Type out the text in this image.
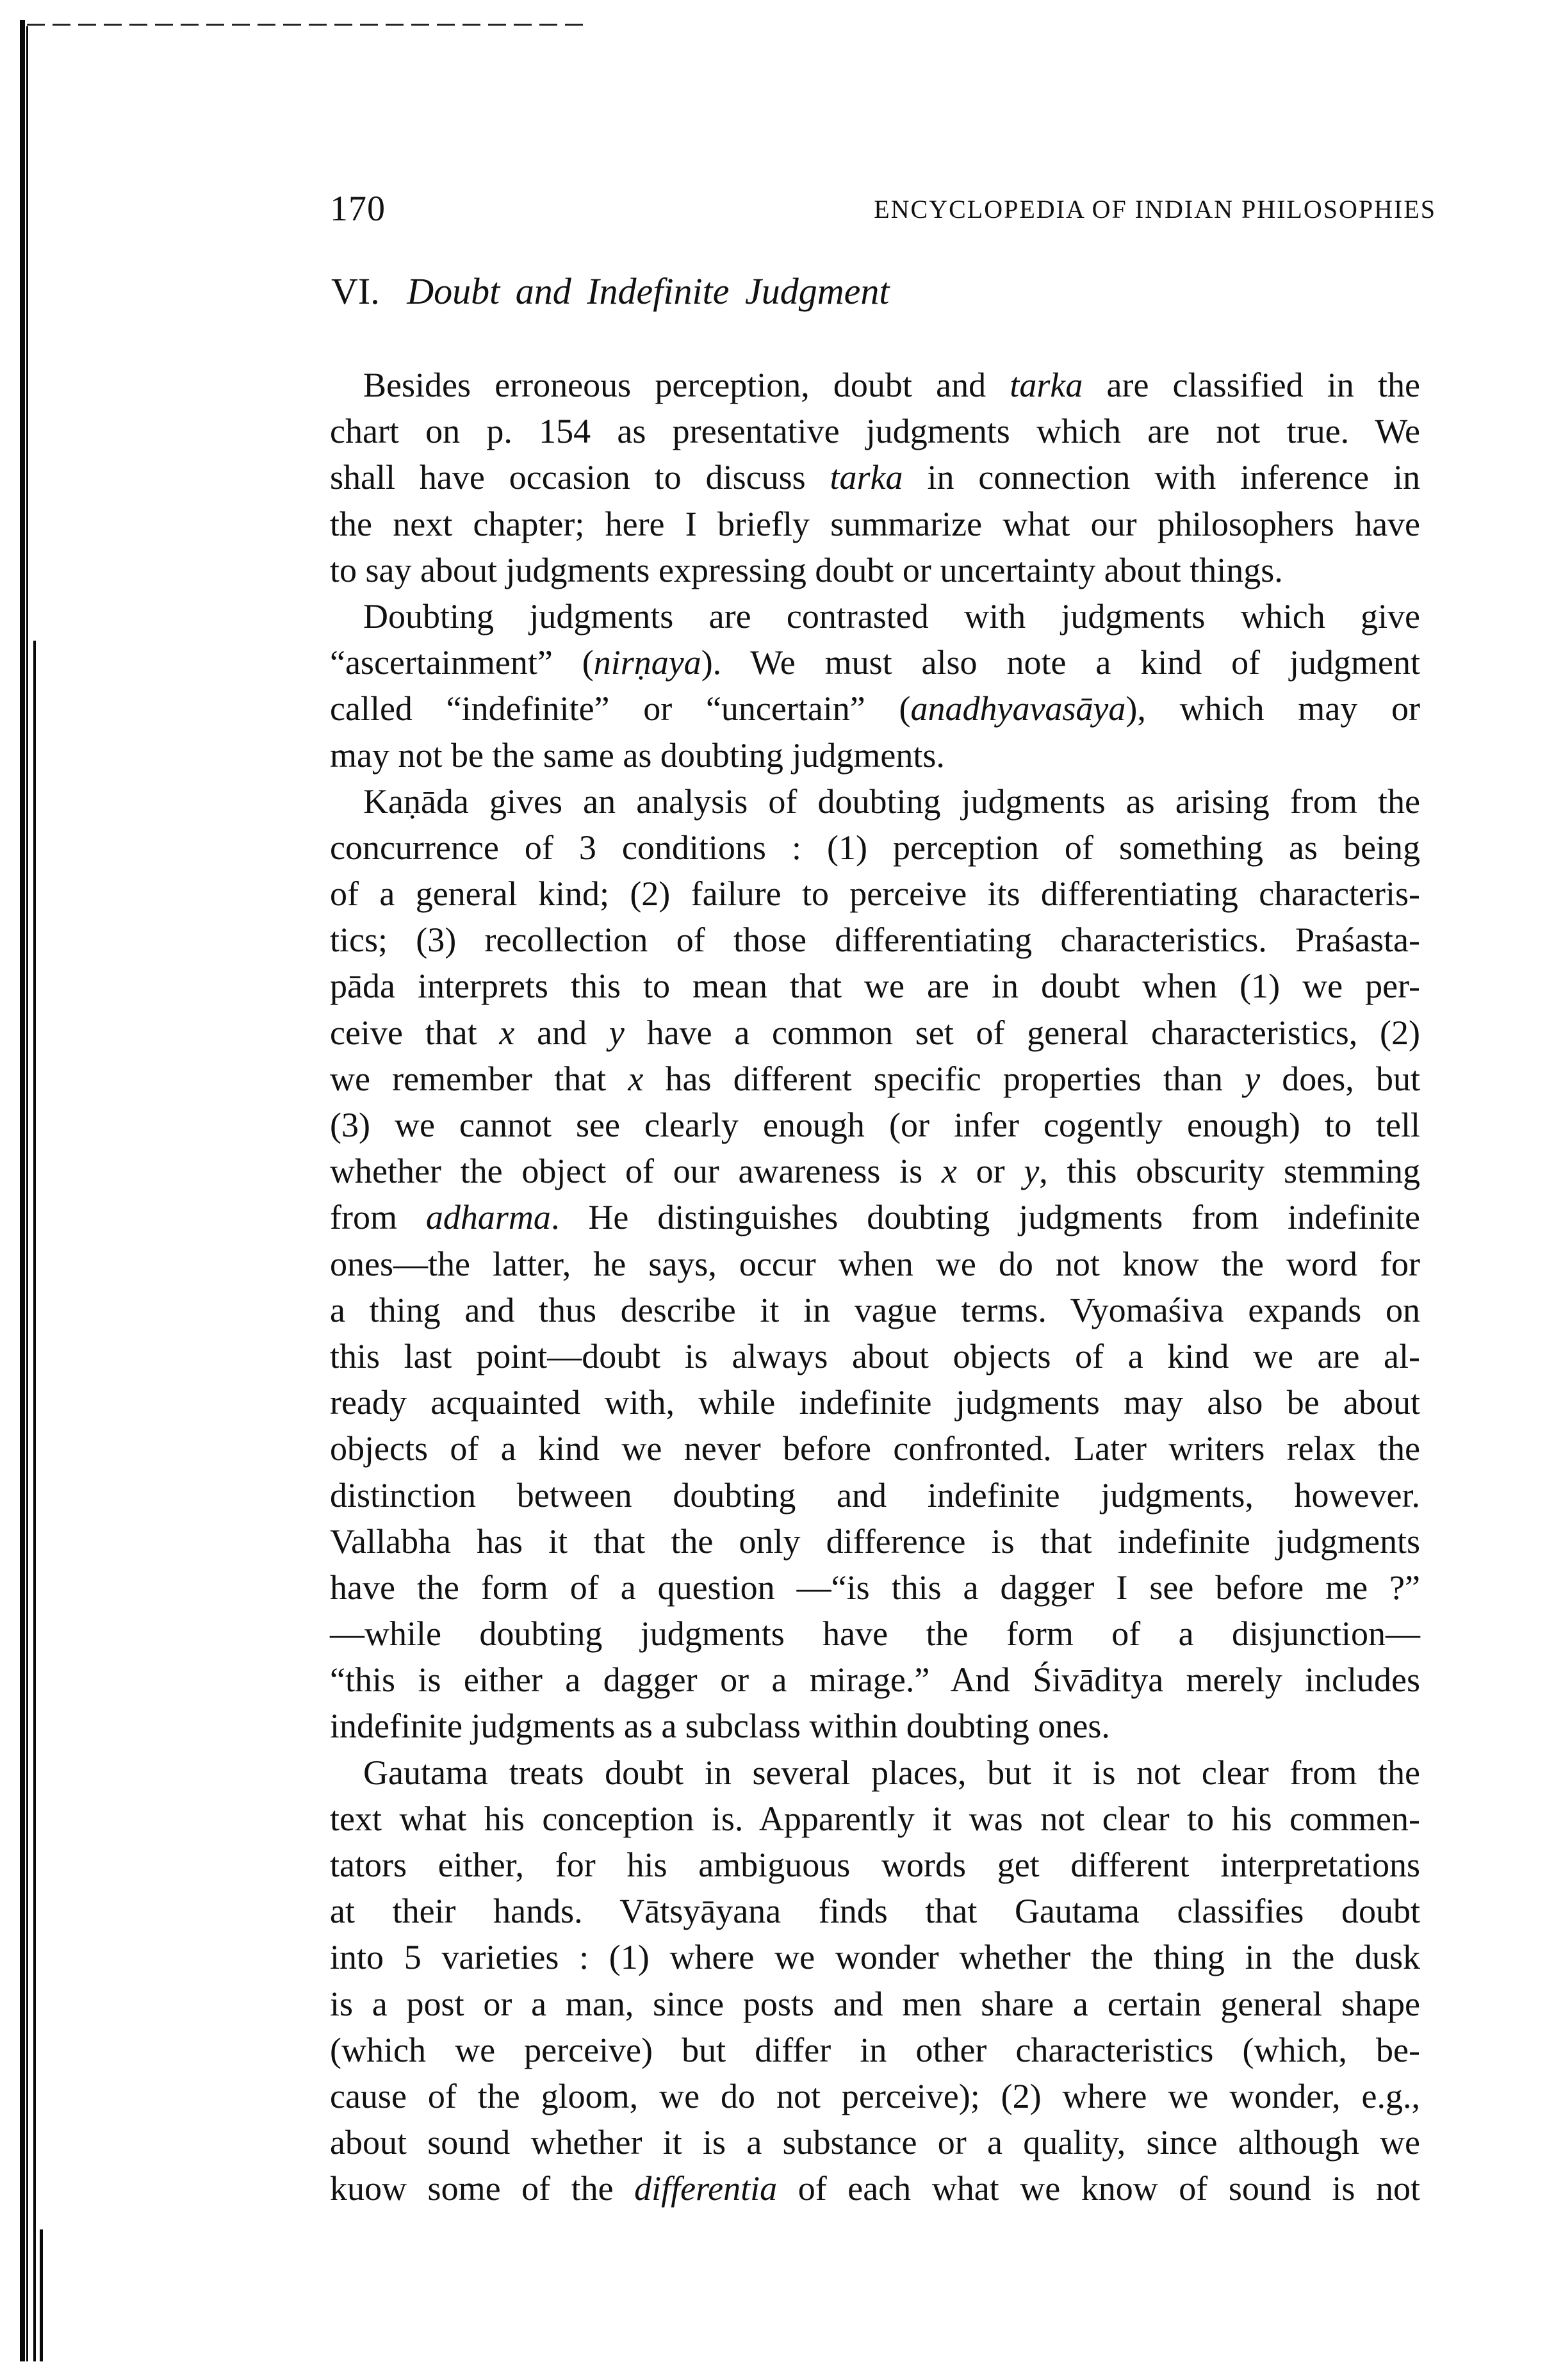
170	ENCYCLOPEDIA OF INDIAN PHILOSOPHIES
VI. Doubt and Indefinite Judgment
Besides erroneous perception, doubt and tarka are classified in the
chart on p. 154 as presentative judgments which are not true. We
shall have occasion to discuss tarka in connection with inference in
the next chapter; here I briefly summarize what our philosophers have
to say about judgments expressing doubt or uncertainty about things.
Doubting judgments are contrasted with judgments which give
“ascertainment” (nirṇaya). We must also note a kind of judgment
called “indefinite” or “uncertain” (anadhyavasāya), which may or
may not be the same as doubting judgments.
Kaṇāda gives an analysis of doubting judgments as arising from the
concurrence of 3 conditions : (1) perception of something as being
of a general kind; (2) failure to perceive its differentiating characteris-
tics; (3) recollection of those differentiating characteristics. Praśasta-
pāda interprets this to mean that we are in doubt when (1) we per-
ceive that x and y have a common set of general characteristics, (2)
we remember that x has different specific properties than y does, but
(3) we cannot see clearly enough (or infer cogently enough) to tell
whether the object of our awareness is x or y, this obscurity stemming
from adharma. He distinguishes doubting judgments from indefinite
ones—the latter, he says, occur when we do not know the word for
a thing and thus describe it in vague terms. Vyomaśiva expands on
this last point—doubt is always about objects of a kind we are al-
ready acquainted with, while indefinite judgments may also be about
objects of a kind we never before confronted. Later writers relax the
distinction between doubting and indefinite judgments, however.
Vallabha has it that the only difference is that indefinite judgments
have the form of a question —“is this a dagger I see before me ?”
—while doubting judgments have the form of a disjunction—
“this is either a dagger or a mirage.” And Śivāditya merely includes
indefinite judgments as a subclass within doubting ones.
Gautama treats doubt in several places, but it is not clear from the
text what his conception is. Apparently it was not clear to his commen-
tators either, for his ambiguous words get different interpretations
at their hands. Vātsyāyana finds that Gautama classifies doubt
into 5 varieties : (1) where we wonder whether the thing in the dusk
is a post or a man, since posts and men share a certain general shape
(which we perceive) but differ in other characteristics (which, be-
cause of the gloom, we do not perceive); (2) where we wonder, e.g.,
about sound whether it is a substance or a quality, since although we
kuow some of the differentia of each what we know of sound is not
